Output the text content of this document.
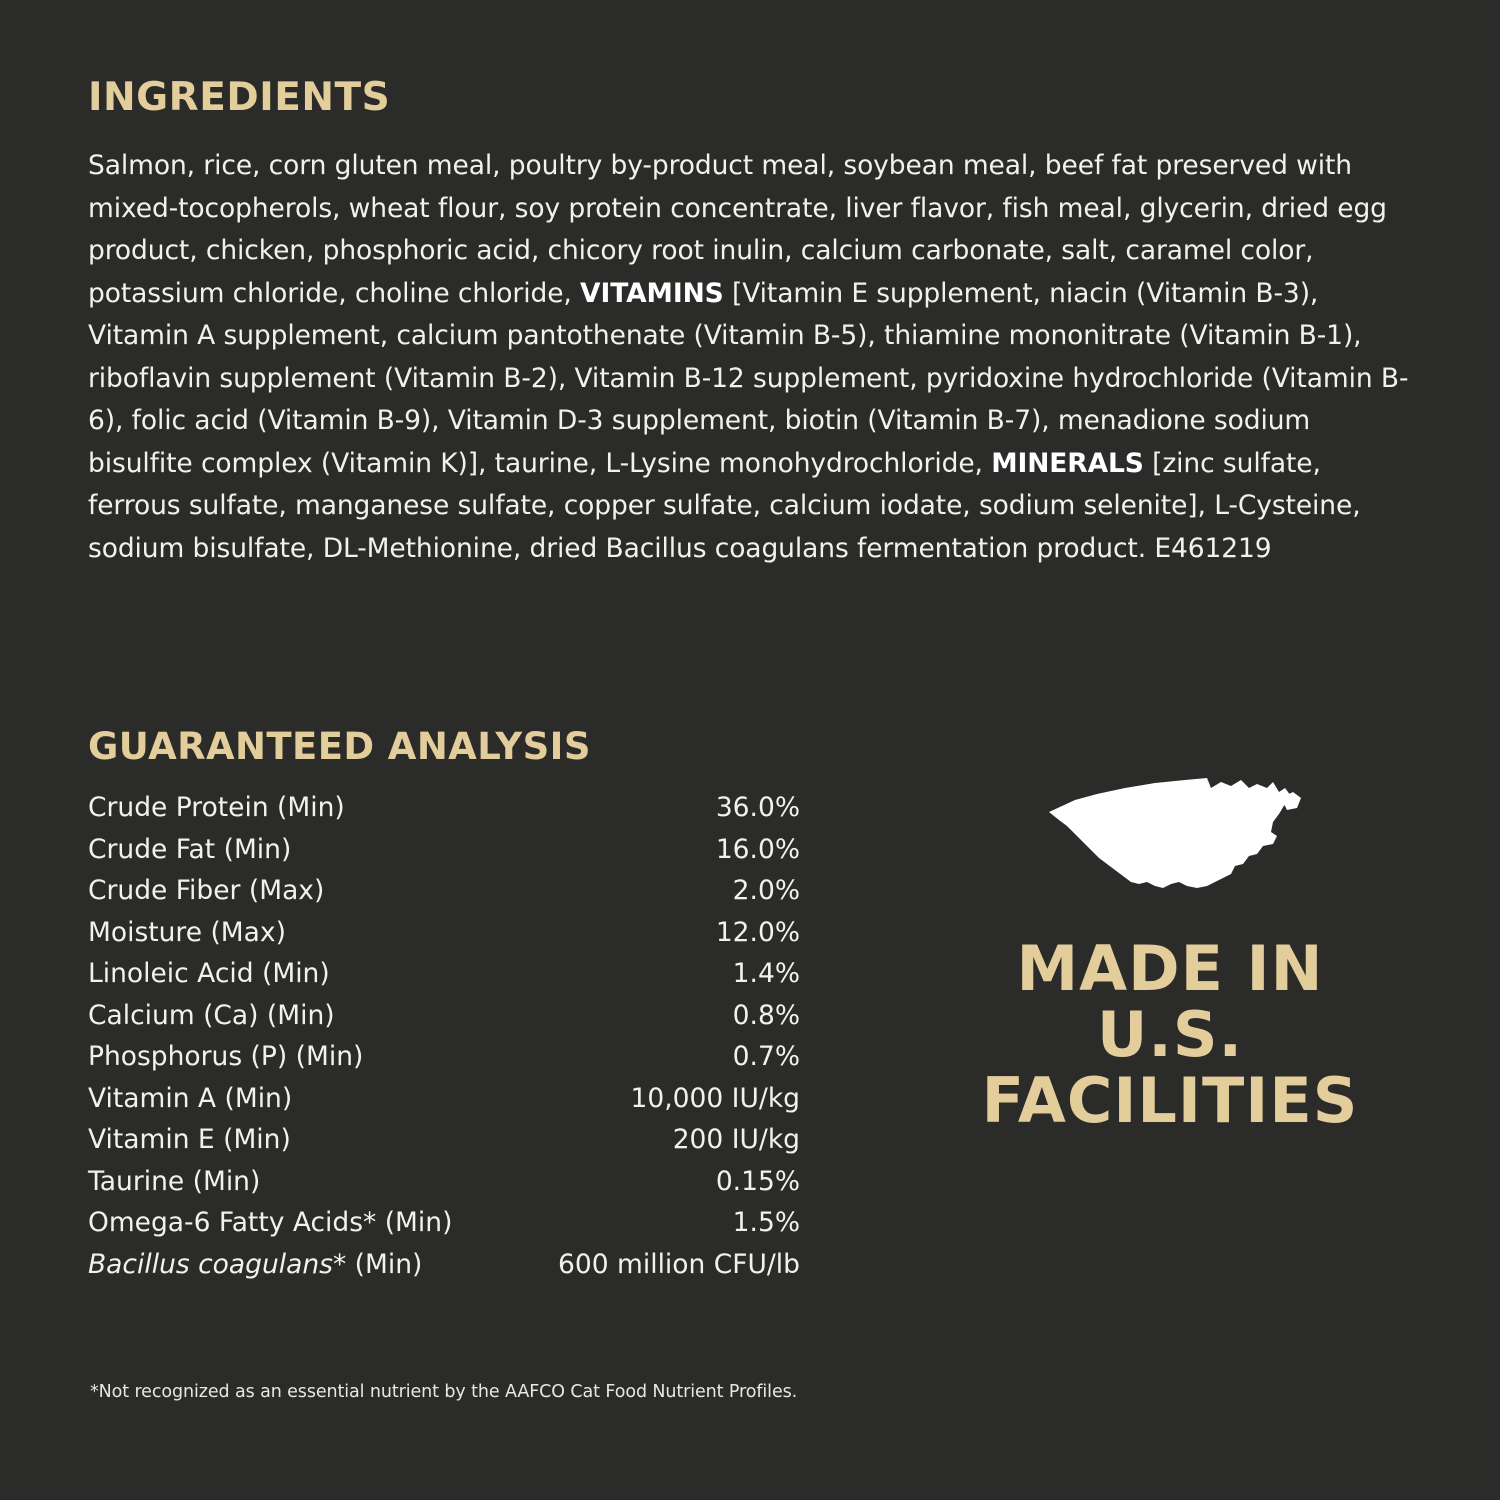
INGREDIENTS

Salmon, rice, corn gluten meal, poultry by-product meal, soybean meal, beef fat preserved with mixed-tocopherols, wheat flour, soy protein concentrate, liver flavor, fish meal, glycerin, dried egg product, chicken, phosphoric acid, chicory root inulin, calcium carbonate, salt, caramel color, potassium chloride, choline chloride, VITAMINS [Vitamin E supplement, niacin (Vitamin B-3), Vitamin A supplement, calcium pantothenate (Vitamin B-5), thiamine mononitrate (Vitamin B-1), riboflavin supplement (Vitamin B-2), Vitamin B-12 supplement, pyridoxine hydrochloride (Vitamin B-6), folic acid (Vitamin B-9), Vitamin D-3 supplement, biotin (Vitamin B-7), menadione sodium bisulfite complex (Vitamin K)], taurine, L-Lysine monohydrochloride, MINERALS [zinc sulfate, ferrous sulfate, manganese sulfate, copper sulfate, calcium iodate, sodium selenite], L-Cysteine, sodium bisulfate, DL-Methionine, dried Bacillus coagulans fermentation product. E461219

GUARANTEED ANALYSIS
Crude Protein (Min)	36.0%
Crude Fat (Min)	16.0%
Crude Fiber (Max)	2.0%
Moisture (Max)	12.0%
Linoleic Acid (Min)	1.4%
Calcium (Ca) (Min)	0.8%
Phosphorus (P) (Min)	0.7%
Vitamin A (Min)	10,000 IU/kg
Vitamin E (Min)	200 IU/kg
Taurine (Min)	0.15%
Omega-6 Fatty Acids* (Min)	1.5%
Bacillus coagulans* (Min)	600 million CFU/lb
MADE IN
U.S.
FACILITIES
*Not recognized as an essential nutrient by the AAFCO Cat Food Nutrient Profiles.
